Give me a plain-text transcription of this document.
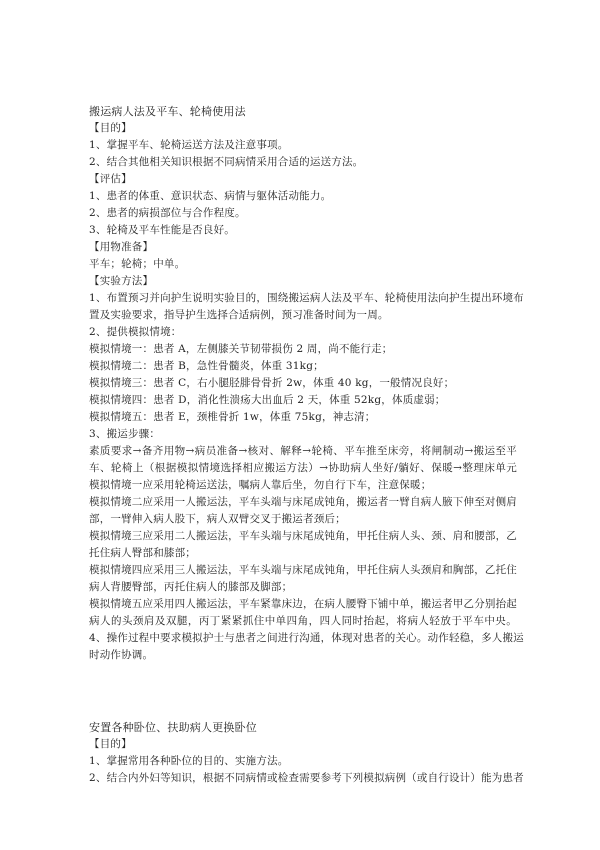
搬运病人法及平车、轮椅使用法
【目的】
1、掌握平车、轮椅运送方法及注意事项。
2、结合其他相关知识根据不同病情采用合适的运送方法。
【评估】
1、患者的体重、意识状态、病情与躯体活动能力。
2、患者的病损部位与合作程度。
3、轮椅及平车性能是否良好。
【用物准备】
平车；轮椅；中单。
【实验方法】
1、布置预习并向护生说明实验目的，围绕搬运病人法及平车、轮椅使用法向护生提出环境布
置及实验要求，指导护生选择合适病例，预习准备时间为一周。
2、提供模拟情境：
模拟情境一：患者 A，左侧膝关节韧带损伤 2 周，尚不能行走；
模拟情境二：患者 B，急性骨髓炎，体重 31kg；
模拟情境三：患者 C，右小腿胫腓骨骨折 2w，体重 40 kg，一般情况良好；
模拟情境四：患者 D，消化性溃疡大出血后 2 天，体重 52kg，体质虚弱；
模拟情境五：患者 E，颈椎骨折 1w，体重 75kg，神志清；
3、搬运步骤：
素质要求→备齐用物→病员准备→核对、解释→轮椅、平车推至床旁，将闸制动→搬运至平
车、轮椅上（根据模拟情境选择相应搬运方法）→协助病人坐好/躺好、保暖→整理床单元
模拟情境一应采用轮椅运送法，嘱病人靠后坐，勿自行下车，注意保暖；
模拟情境二应采用一人搬运法，平车头端与床尾成钝角，搬运者一臂自病人腋下伸至对侧肩
部，一臂伸入病人股下，病人双臂交叉于搬运者颈后；
模拟情境三应采用二人搬运法，平车头端与床尾成钝角，甲托住病人头、颈、肩和腰部，乙
托住病人臀部和膝部；
模拟情境四应采用三人搬运法，平车头端与床尾成钝角，甲托住病人头颈肩和胸部，乙托住
病人背腰臀部，丙托住病人的膝部及脚部；
模拟情境五应采用四人搬运法，平车紧靠床边，在病人腰臀下铺中单，搬运者甲乙分别抬起
病人的头颈肩及双腿，丙丁紧紧抓住中单四角，四人同时抬起，将病人轻放于平车中央。
4、操作过程中要求模拟护士与患者之间进行沟通，体现对患者的关心。动作轻稳，多人搬运
时动作协调。
安置各种卧位、扶助病人更换卧位
【目的】
1、掌握常用各种卧位的目的、实施方法。
2、结合内外妇等知识，根据不同病情或检查需要参考下列模拟病例（或自行设计）能为患者
